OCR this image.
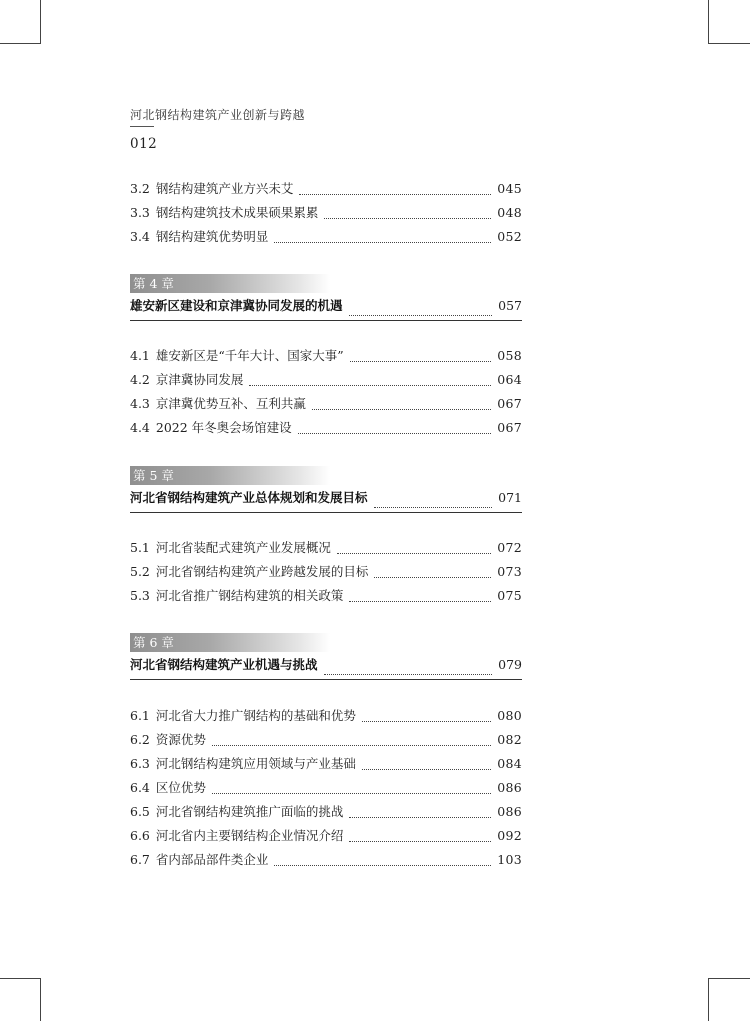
河北钢结构建筑产业创新与跨越
012
3.2 钢结构建筑产业方兴未艾	045
3.3 钢结构建筑技术成果硕果累累	048
3.4 钢结构建筑优势明显	052
第 4 章
雄安新区建设和京津冀协同发展的机遇	057
4.1 雄安新区是“千年大计、国家大事”	058
4.2 京津冀协同发展	064
4.3 京津冀优势互补、互利共赢	067
4.4 2022 年冬奥会场馆建设	067
第 5 章
河北省钢结构建筑产业总体规划和发展目标	071
5.1 河北省装配式建筑产业发展概况	072
5.2 河北省钢结构建筑产业跨越发展的目标	073
5.3 河北省推广钢结构建筑的相关政策	075
第 6 章
河北省钢结构建筑产业机遇与挑战	079
6.1 河北省大力推广钢结构的基础和优势	080
6.2 资源优势	082
6.3 河北钢结构建筑应用领域与产业基础	084
6.4 区位优势	086
6.5 河北省钢结构建筑推广面临的挑战	086
6.6 河北省内主要钢结构企业情况介绍	092
6.7 省内部品部件类企业	103
